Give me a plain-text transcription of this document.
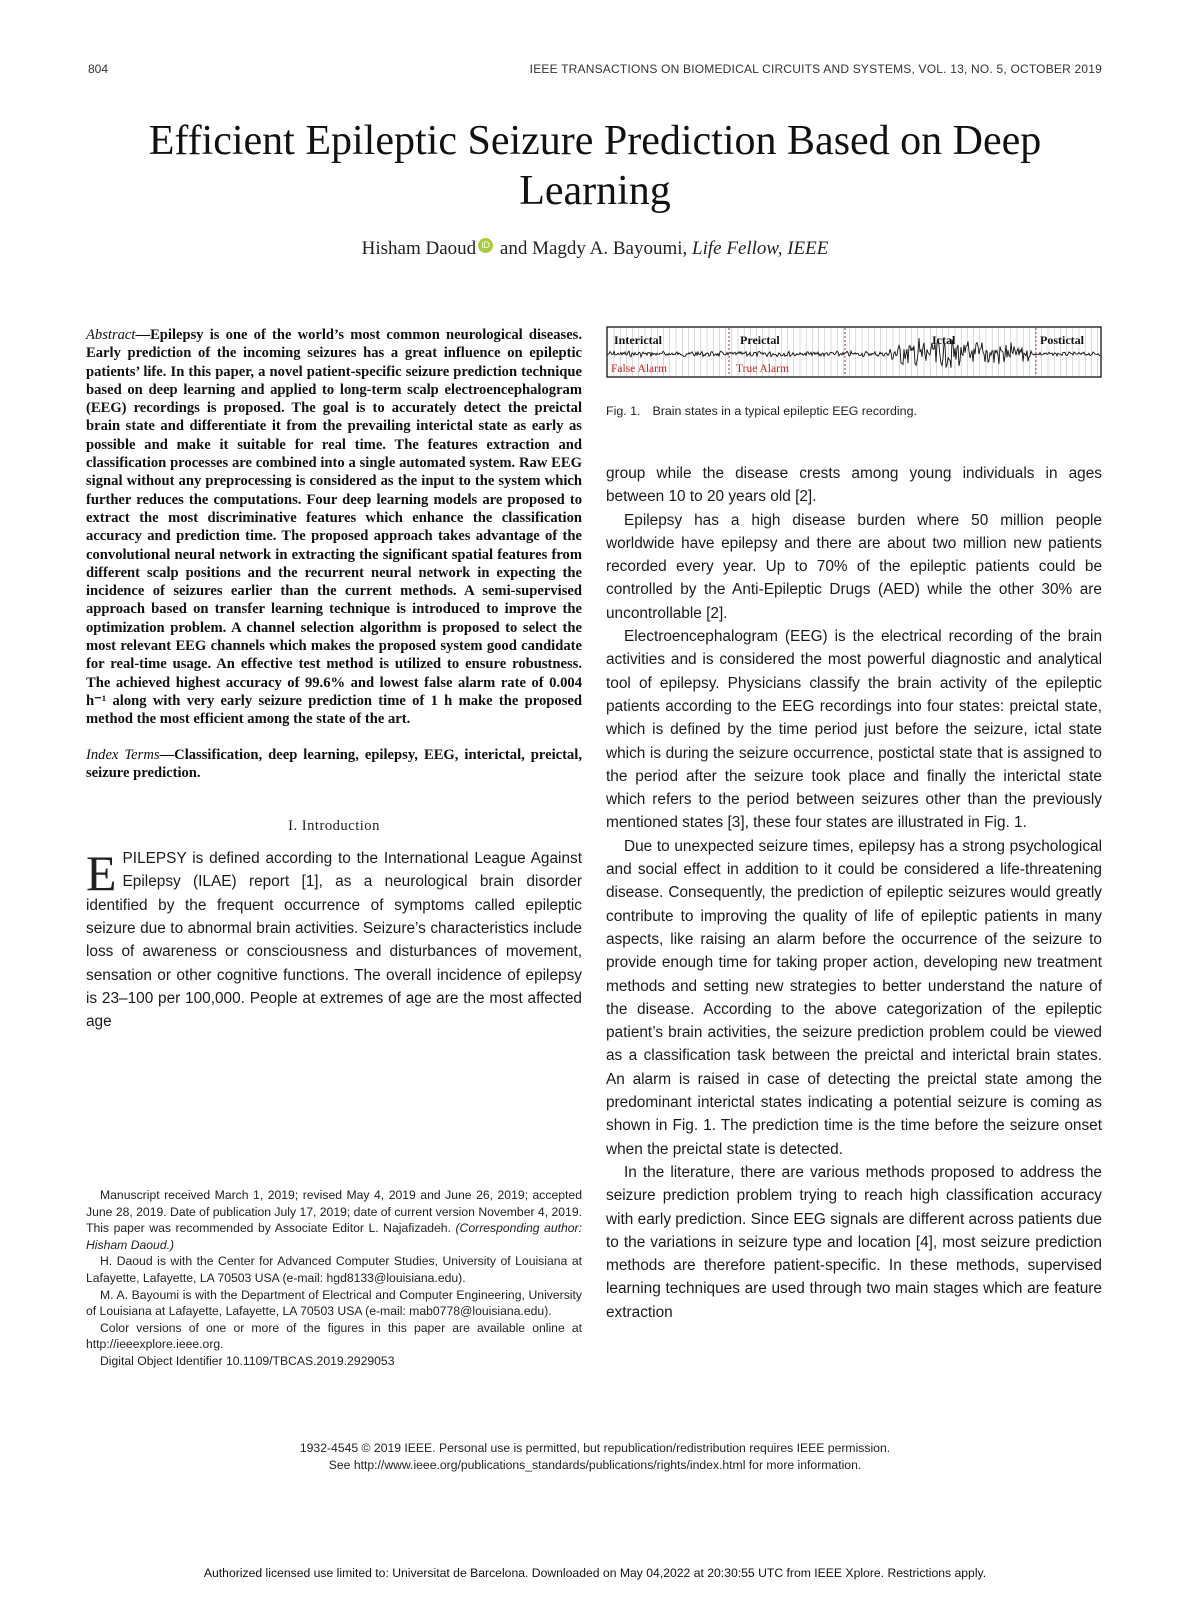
804	IEEE TRANSACTIONS ON BIOMEDICAL CIRCUITS AND SYSTEMS, VOL. 13, NO. 5, OCTOBER 2019
Efficient Epileptic Seizure Prediction Based on Deep Learning
Hisham Daoud iD and Magdy A. Bayoumi, Life Fellow, IEEE

Abstract—Epilepsy is one of the world’s most common neurological diseases. Early prediction of the incoming seizures has a great influence on epileptic patients’ life. In this paper, a novel patient-specific seizure prediction technique based on deep learning and applied to long-term scalp electroencephalogram (EEG) recordings is proposed. The goal is to accurately detect the preictal brain state and differentiate it from the prevailing interictal state as early as possible and make it suitable for real time. The features extraction and classification processes are combined into a single automated system. Raw EEG signal without any preprocessing is considered as the input to the system which further reduces the computations. Four deep learning models are proposed to extract the most discriminative features which enhance the classification accuracy and prediction time. The proposed approach takes advantage of the convolutional neural network in extracting the significant spatial features from different scalp positions and the recurrent neural network in expecting the incidence of seizures earlier than the current methods. A semi-supervised approach based on transfer learning technique is introduced to improve the optimization problem. A channel selection algorithm is proposed to select the most relevant EEG channels which makes the proposed system good candidate for real-time usage. An effective test method is utilized to ensure robustness. The achieved highest accuracy of 99.6% and lowest false alarm rate of 0.004 h⁻¹ along with very early seizure prediction time of 1 h make the proposed method the most efficient among the state of the art.

Index Terms—Classification, deep learning, epilepsy, EEG, interictal, preictal, seizure prediction.

I. Introduction

EPILEPSY is defined according to the International League Against Epilepsy (ILAE) report [1], as a neurological brain disorder identified by the frequent occurrence of symptoms called epileptic seizure due to abnormal brain activities. Seizure’s characteristics include loss of awareness or consciousness and disturbances of movement, sensation or other cognitive functions. The overall incidence of epilepsy is 23–100 per 100,000. People at extremes of age are the most affected age

Manuscript received March 1, 2019; revised May 4, 2019 and June 26, 2019; accepted June 28, 2019. Date of publication July 17, 2019; date of current version November 4, 2019. This paper was recommended by Associate Editor L. Najafizadeh. (Corresponding author: Hisham Daoud.)

H. Daoud is with the Center for Advanced Computer Studies, University of Louisiana at Lafayette, Lafayette, LA 70503 USA (e-mail: hgd8133@louisiana.edu).

M. A. Bayoumi is with the Department of Electrical and Computer Engineering, University of Louisiana at Lafayette, Lafayette, LA 70503 USA (e-mail: mab0778@louisiana.edu).

Color versions of one or more of the figures in this paper are available online at http://ieeexplore.ieee.org.

Digital Object Identifier 10.1109/TBCAS.2019.2929053

Interictal	Preictal	Ictal	Postictal
False Alarm	True Alarm

Fig. 1. Brain states in a typical epileptic EEG recording.

group while the disease crests among young individuals in ages between 10 to 20 years old [2].

Epilepsy has a high disease burden where 50 million people worldwide have epilepsy and there are about two million new patients recorded every year. Up to 70% of the epileptic patients could be controlled by the Anti-Epileptic Drugs (AED) while the other 30% are uncontrollable [2].

Electroencephalogram (EEG) is the electrical recording of the brain activities and is considered the most powerful diagnostic and analytical tool of epilepsy. Physicians classify the brain activity of the epileptic patients according to the EEG recordings into four states: preictal state, which is defined by the time period just before the seizure, ictal state which is during the seizure occurrence, postictal state that is assigned to the period after the seizure took place and finally the interictal state which refers to the period between seizures other than the previously mentioned states [3], these four states are illustrated in Fig. 1.

Due to unexpected seizure times, epilepsy has a strong psychological and social effect in addition to it could be considered a life-threatening disease. Consequently, the prediction of epileptic seizures would greatly contribute to improving the quality of life of epileptic patients in many aspects, like raising an alarm before the occurrence of the seizure to provide enough time for taking proper action, developing new treatment methods and setting new strategies to better understand the nature of the disease. According to the above categorization of the epileptic patient’s brain activities, the seizure prediction problem could be viewed as a classification task between the preictal and interictal brain states. An alarm is raised in case of detecting the preictal state among the predominant interictal states indicating a potential seizure is coming as shown in Fig. 1. The prediction time is the time before the seizure onset when the preictal state is detected.

In the literature, there are various methods proposed to address the seizure prediction problem trying to reach high classification accuracy with early prediction. Since EEG signals are different across patients due to the variations in seizure type and location [4], most seizure prediction methods are therefore patient-specific. In these methods, supervised learning techniques are used through two main stages which are feature extraction

1932-4545 © 2019 IEEE. Personal use is permitted, but republication/redistribution requires IEEE permission.

See http://www.ieee.org/publications_standards/publications/rights/index.html for more information.

Authorized licensed use limited to: Universitat de Barcelona. Downloaded on May 04,2022 at 20:30:55 UTC from IEEE Xplore. Restrictions apply.
